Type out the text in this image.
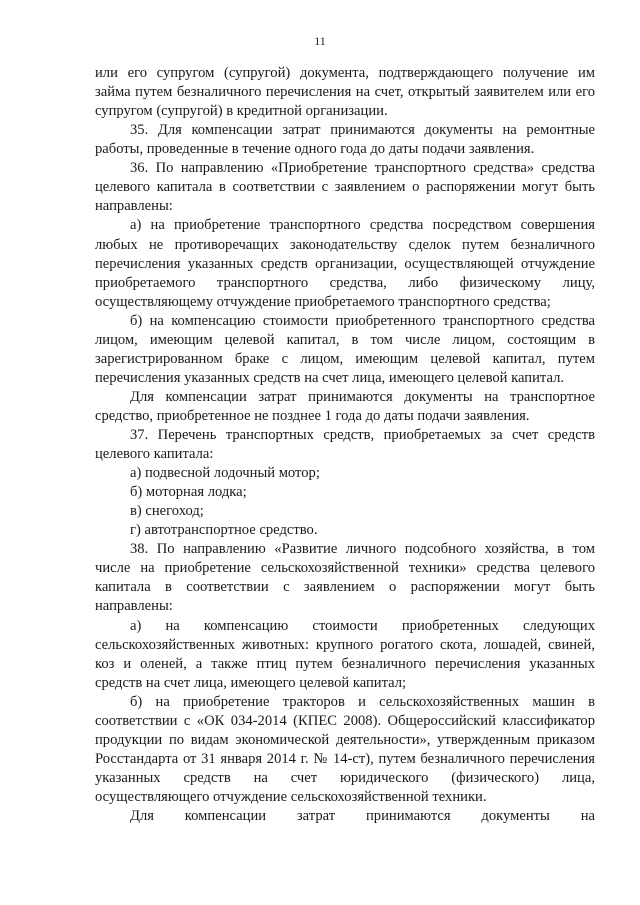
11
или его супругом (супругой) документа, подтверждающего получение им
займа путем безналичного перечисления на счет, открытый заявителем или его
супругом (супругой) в кредитной организации.
35. Для компенсации затрат принимаются документы на ремонтные
работы, проведенные в течение одного года до даты подачи заявления.
36. По направлению «Приобретение транспортного средства» средства
целевого капитала в соответствии с заявлением о распоряжении могут быть
направлены:
а) на приобретение транспортного средства посредством совершения
любых не противоречащих законодательству сделок путем безналичного
перечисления указанных средств организации, осуществляющей отчуждение
приобретаемого транспортного средства, либо физическому лицу,
осуществляющему отчуждение приобретаемого транспортного средства;
б) на компенсацию стоимости приобретенного транспортного средства
лицом, имеющим целевой капитал, в том числе лицом, состоящим в
зарегистрированном браке с лицом, имеющим целевой капитал, путем
перечисления указанных средств на счет лица, имеющего целевой капитал.
Для компенсации затрат принимаются документы на транспортное
средство, приобретенное не позднее 1 года до даты подачи заявления.
37. Перечень транспортных средств, приобретаемых за счет средств
целевого капитала:
а) подвесной лодочный мотор;
б) моторная лодка;
в) снегоход;
г) автотранспортное средство.
38. По направлению «Развитие личного подсобного хозяйства, в том
числе на приобретение сельскохозяйственной техники» средства целевого
капитала в соответствии с заявлением о распоряжении могут быть
направлены:
а) на компенсацию стоимости приобретенных следующих
сельскохозяйственных животных: крупного рогатого скота, лошадей, свиней,
коз и оленей, а также птиц путем безналичного перечисления указанных
средств на счет лица, имеющего целевой капитал;
б) на приобретение тракторов и сельскохозяйственных машин в
соответствии с «ОК 034-2014 (КПЕС 2008). Общероссийский классификатор
продукции по видам экономической деятельности», утвержденным приказом
Росстандарта от 31 января 2014 г. № 14-ст), путем безналичного перечисления
указанных средств на счет юридического (физического) лица,
осуществляющего отчуждение сельскохозяйственной техники.
Для компенсации затрат принимаются документы на
